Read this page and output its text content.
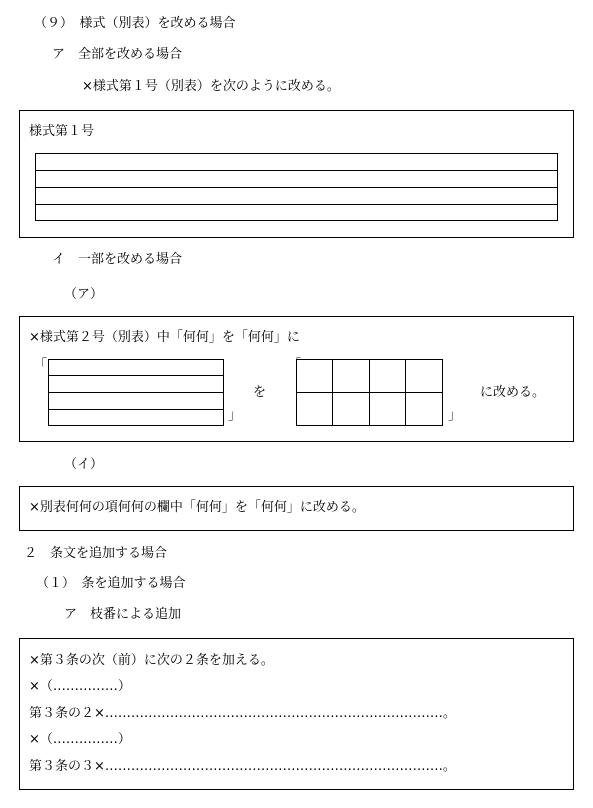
（９）　様式（別表）を改める場合
ア　全部を改める場合
×様式第１号（別表）を次のように改める。
様式第１号
イ　一部を改める場合
（ア）
×様式第２号（別表）中「何何」を「何何」に
「
」
を
「
」
に改める。
（イ）
×別表何何の項何何の欄中「何何」を「何何」に改める。
２　条文を追加する場合
（１）　条を追加する場合
ア　枝番による追加
×第３条の次（前）に次の２条を加える。
×（……………）
第３条の２×……………………………………………………………………。
×（……………）
第３条の３×……………………………………………………………………。
